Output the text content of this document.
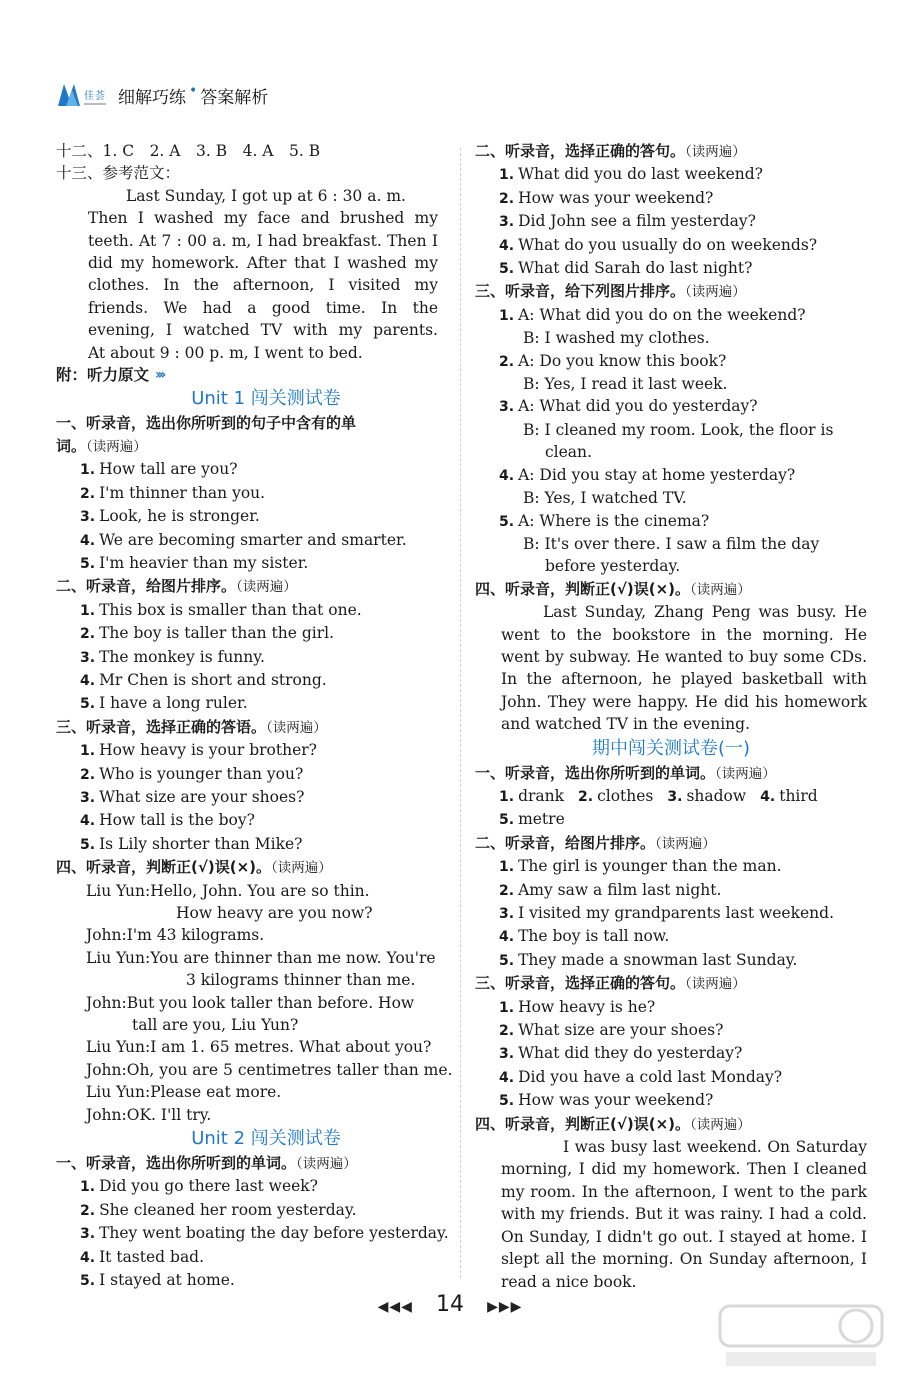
佳 荟 细解巧练 • 答案解析
十二、1. C　2. A　3. B　4. A　5. B
十三、参考范文：
Last Sunday, I got up at 6 : 30 a. m.
Then I washed my face and brushed my
teeth. At 7 : 00 a. m, I had breakfast. Then I
did my homework. After that I washed my
clothes. In the afternoon, I visited my
friends. We had a good time. In the
evening, I watched TV with my parents.
At about 9 : 00 p. m, I went to bed.
附：听力原文 ›››
Unit 1 闯关测试卷
一、听录音，选出你所听到的句子中含有的单
词。（读两遍）
1. How tall are you?
2. I'm thinner than you.
3. Look, he is stronger.
4. We are becoming smarter and smarter.
5. I'm heavier than my sister.
二、听录音，给图片排序。（读两遍）
1. This box is smaller than that one.
2. The boy is taller than the girl.
3. The monkey is funny.
4. Mr Chen is short and strong.
5. I have a long ruler.
三、听录音，选择正确的答语。（读两遍）
1. How heavy is your brother?
2. Who is younger than you?
3. What size are your shoes?
4. How tall is the boy?
5. Is Lily shorter than Mike?
四、听录音，判断正(√)误(×)。（读两遍）
Liu Yun:Hello, John. You are so thin.
How heavy are you now?
John:I'm 43 kilograms.
Liu Yun:You are thinner than me now. You're
3 kilograms thinner than me.
John:But you look taller than before. How
tall are you, Liu Yun?
Liu Yun:I am 1. 65 metres. What about you?
John:Oh, you are 5 centimetres taller than me.
Liu Yun:Please eat more.
John:OK. I'll try.
Unit 2 闯关测试卷
一、听录音，选出你所听到的单词。（读两遍）
1. Did you go there last week?
2. She cleaned her room yesterday.
3. They went boating the day before yesterday.
4. It tasted bad.
5. I stayed at home.
二、听录音，选择正确的答句。（读两遍）
1. What did you do last weekend?
2. How was your weekend?
3. Did John see a film yesterday?
4. What do you usually do on weekends?
5. What did Sarah do last night?
三、听录音，给下列图片排序。（读两遍）
1. A: What did you do on the weekend?
B: I washed my clothes.
2. A: Do you know this book?
B: Yes, I read it last week.
3. A: What did you do yesterday?
B: I cleaned my room. Look, the floor is
clean.
4. A: Did you stay at home yesterday?
B: Yes, I watched TV.
5. A: Where is the cinema?
B: It's over there. I saw a film the day
before yesterday.
四、听录音，判断正(√)误(×)。（读两遍）
Last Sunday, Zhang Peng was busy. He went to the bookstore in the morning. He went by subway. He wanted to buy some CDs. In the afternoon, he played basketball with John. They were happy. He did his homework and watched TV in the evening.
期中闯关测试卷(一)
一、听录音，选出你所听到的单词。（读两遍）
1. drank 2. clothes 3. shadow 4. third
5. metre
二、听录音，给图片排序。（读两遍）
1. The girl is younger than the man.
2. Amy saw a film last night.
3. I visited my grandparents last weekend.
4. The boy is tall now.
5. They made a snowman last Sunday.
三、听录音，选择正确的答句。（读两遍）
1. How heavy is he?
2. What size are your shoes?
3. What did they do yesterday?
4. Did you have a cold last Monday?
5. How was your weekend?
四、听录音，判断正(√)误(×)。（读两遍）
I was busy last weekend. On Saturday morning, I did my homework. Then I cleaned my room. In the afternoon, I went to the park with my friends. But it was rainy. I had a cold. On Sunday, I didn't go out. I stayed at home. I slept all the morning. On Sunday afternoon, I read a nice book.
◀◀◀ 14 ▶▶▶
